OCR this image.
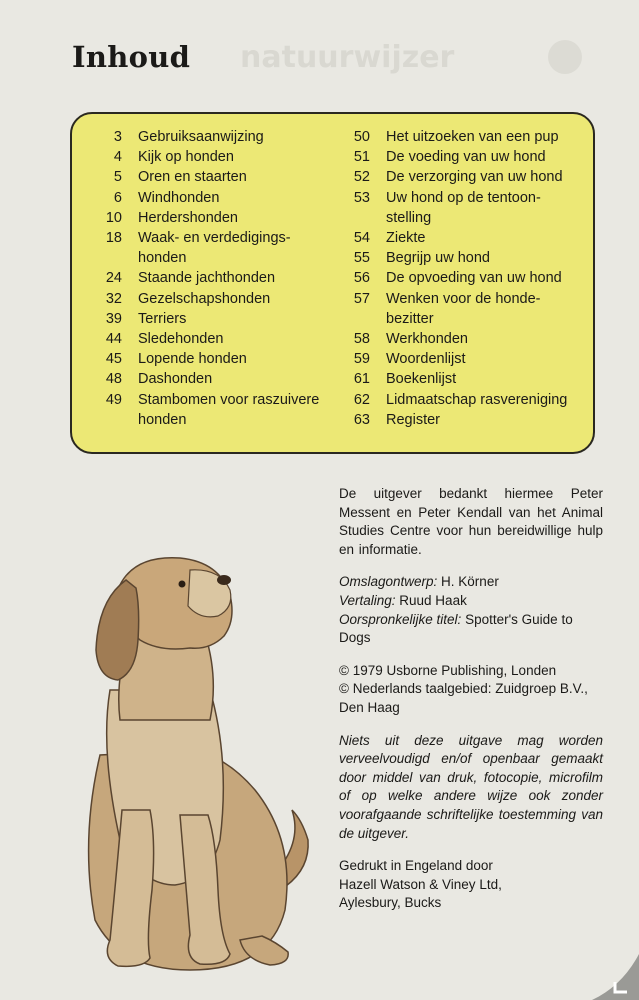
natuurwijzer
Inhoud
3	Gebruiksaanwijzing
4	Kijk op honden
5	Oren en staarten
6	Windhonden
10	Herdershonden
18	Waak- en verdedigings-
honden
24	Staande jachthonden
32	Gezelschapshonden
39	Terriers
44	Sledehonden
45	Lopende honden
48	Dashonden
49	Stambomen voor raszuivere
honden
50	Het uitzoeken van een pup
51	De voeding van uw hond
52	De verzorging van uw hond
53	Uw hond op de tentoon-
stelling
54	Ziekte
55	Begrijp uw hond
56	De opvoeding van uw hond
57	Wenken voor de honde-
bezitter
58	Werkhonden
59	Woordenlijst
61	Boekenlijst
62	Lidmaatschap rasvereniging
63	Register

De uitgever bedankt hiermee Peter Messent en Peter Kendall van het Animal Studies Centre voor hun bereidwillige hulp en informatie.

Omslagontwerp: H. Körner
Vertaling: Ruud Haak
Oorspronkelijke titel: Spotter's Guide to Dogs

© 1979 Usborne Publishing, Londen
© Nederlands taalgebied: Zuidgroep B.V., Den Haag

Niets uit deze uitgave mag worden verveelvoudigd en/of openbaar gemaakt door middel van druk, fotocopie, microfilm of op welke andere wijze ook zonder voorafgaande schriftelijke toestemming van de uitgever.

Gedrukt in Engeland door
Hazell Watson & Viney Ltd,
Aylesbury, Bucks
